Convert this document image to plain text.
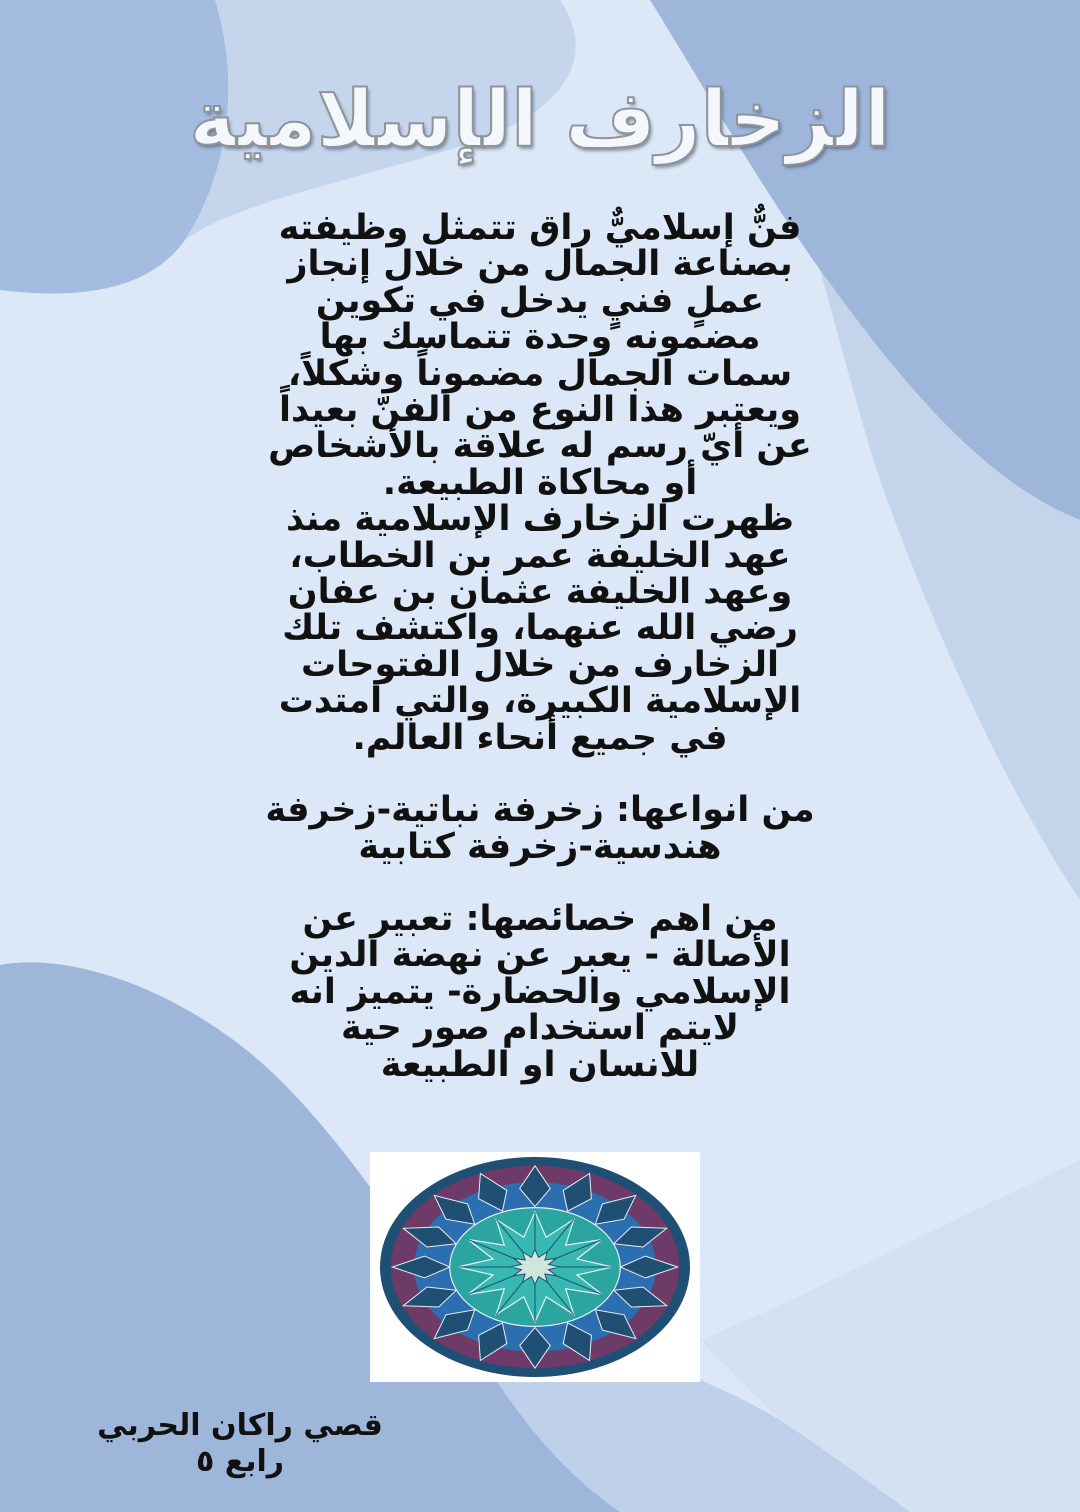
الزخارف الإسلامية

فنٌّ إسلاميٌّ راق تتمثل وظيفته

بصناعة الجمال من خلال إنجاز

عملٍ فنيٍ يدخل في تكوين

مضمونه وحدة تتماسك بها

سمات الجمال مضموناً وشكلاً،

ويعتبر هذا النوع من الفنّ بعيداً

عن أيّ رسم له علاقة بالأشخاص

أو محاكاة الطبيعة.

ظهرت الزخارف الإسلامية منذ

عهد الخليفة عمر بن الخطاب،

وعهد الخليفة عثمان بن عفان

رضي الله عنهما، واكتشف تلك

الزخارف من خلال الفتوحات

الإسلامية الكبيرة، والتي امتدت

في جميع أنحاء العالم.

من انواعها: زخرفة نباتية-زخرفة

هندسية-زخرفة كتابية

من اهم خصائصها: تعبير عن

الأصالة - يعبر عن نهضة الدين

الإسلامي والحضارة- يتميز انه

لايتم استخدام صور حية

للانسان او الطبيعة

قصي راكان الحربي
رابع ٥
